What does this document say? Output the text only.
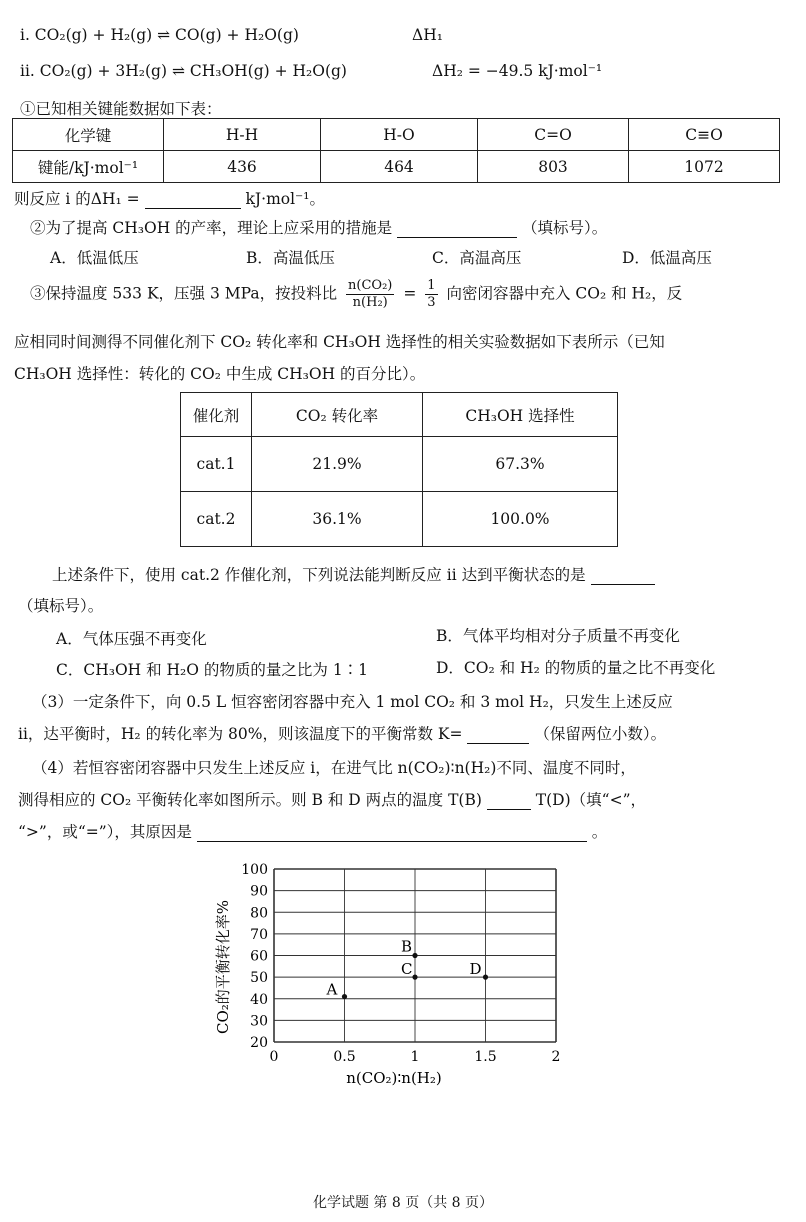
ⅰ. CO₂(g) + H₂(g) ⇌ CO(g) + H₂O(g)	ΔH₁
ⅱ. CO₂(g) + 3H₂(g) ⇌ CH₃OH(g) + H₂O(g)	ΔH₂ = −49.5 kJ·mol⁻¹
①已知相关键能数据如下表：
化学键	H-H	H-O	C=O	C≡O
键能/kJ·mol⁻¹	436	464	803	1072
则反应 ⅰ 的ΔH₁ =	kJ·mol⁻¹。
②为了提高 CH₃OH 的产率，理论上应采用的措施是	（填标号）。
A．低温低压	B．高温低压	C．高温高压	D．低温高压
③保持温度 533 K，压强 3 MPa，按投料比 $\frac{\text{n(CO₂)}}{\text{n(H₂)}} = \frac{1}{3}$ 向密闭容器中充入 CO₂ 和 H₂，反
应相同时间测得不同催化剂下 CO₂ 转化率和 CH₃OH 选择性的相关实验数据如下表所示（已知
CH₃OH 选择性：转化的 CO₂ 中生成 CH₃OH 的百分比）。
催化剂	CO₂ 转化率	CH₃OH 选择性
cat.1	21.9%	67.3%
cat.2	36.1%	100.0%
上述条件下，使用 cat.2 作催化剂，下列说法能判断反应 ⅱ 达到平衡状态的是
（填标号）。
A．气体压强不再变化	B．气体平均相对分子质量不再变化
C．CH₃OH 和 H₂O 的物质的量之比为 1∶1	D．CO₂ 和 H₂ 的物质的量之比不再变化
（3）一定条件下，向 0.5 L 恒容密闭容器中充入 1 mol CO₂ 和 3 mol H₂，只发生上述反应
ⅱ，达平衡时，H₂ 的转化率为 80%，则该温度下的平衡常数 K=	（保留两位小数）。
（4）若恒容密闭容器中只发生上述反应 ⅰ，在进气比 n(CO₂)∶n(H₂)不同、温度不同时，
测得相应的 CO₂ 平衡转化率如图所示。则 B 和 D 两点的温度 T(B)	T(D)（填“<”，
“>”，或“=”），其原因是	。
20
30
40
50
60
70
80
90
100
0	0.5	1	1.5	2
A
B
C	D
CO₂的平衡转化率%
n(CO₂)∶n(H₂)
化学试题 第 8 页（共 8 页）
